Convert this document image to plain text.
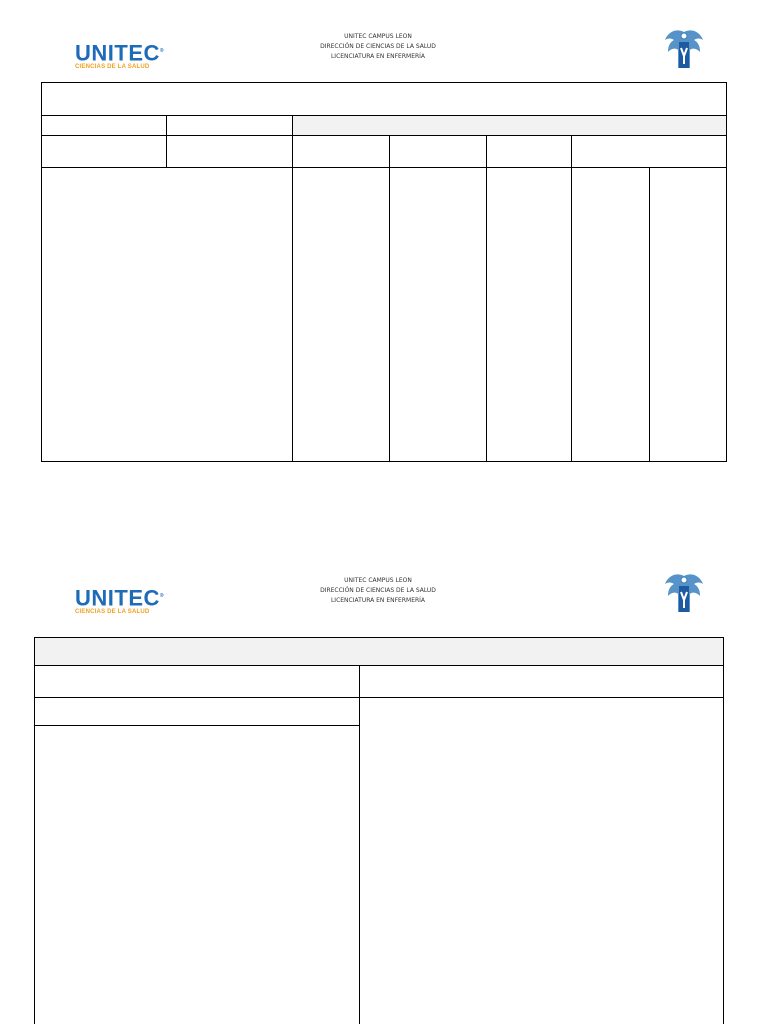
UNITEC®
CIENCIAS DE LA SALUD
UNITEC CAMPUS LEON
DIRECCIÓN DE CIENCIAS DE LA SALUD
LICENCIATURA EN ENFERMERÍA
UNITEC®
CIENCIAS DE LA SALUD
UNITEC CAMPUS LEON
DIRECCIÓN DE CIENCIAS DE LA SALUD
LICENCIATURA EN ENFERMERÍA
